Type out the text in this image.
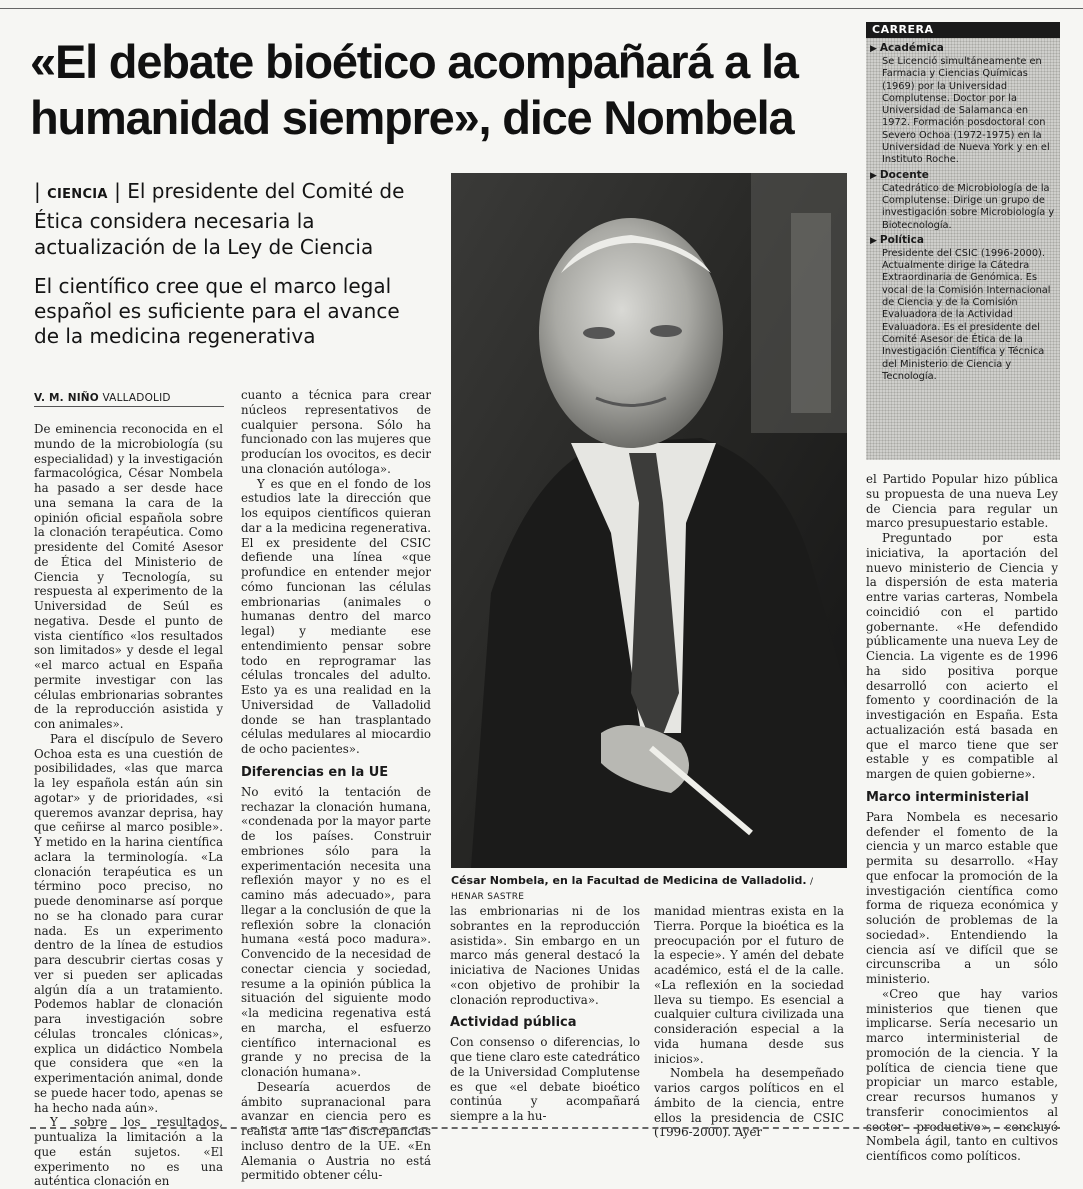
«El debate bioético acompañará a la humanidad siempre», dice Nombela

| CIENCIA | El presidente del Comité de Ética considera necesaria la actualización de la Ley de Ciencia

El científico cree que el marco legal español es suficiente para el avance de la medicina regenerativa

V. M. NIÑO VALLADOLID

De eminencia reconocida en el mundo de la microbiología (su especialidad) y la investigación farmacológica, César Nombela ha pasado a ser desde hace una semana la cara de la opinión oficial española sobre la clonación terapéutica. Como presidente del Comité Asesor de Ética del Ministerio de Ciencia y Tecnología, su respuesta al experimento de la Universidad de Seúl es negativa. Desde el punto de vista científico «los resultados son limitados» y desde el legal «el marco actual en España permite investigar con las células embrionarias sobrantes de la reproducción asistida y con animales».

Para el discípulo de Severo Ochoa esta es una cuestión de posibilidades, «las que marca la ley española están aún sin agotar» y de prioridades, «si queremos avanzar deprisa, hay que ceñirse al marco posible». Y metido en la harina científica aclara la terminología. «La clonación terapéutica es un término poco preciso, no puede denominarse así porque no se ha clonado para curar nada. Es un experimento dentro de la línea de estudios para descubrir ciertas cosas y ver si pueden ser aplicadas algún día a un tratamiento. Podemos hablar de clonación para investigación sobre células troncales clónicas», explica un didáctico Nombela que considera que «en la experimentación animal, donde se puede hacer todo, apenas se ha hecho nada aún».

Y sobre los resultados, puntualiza la limitación a la que están sujetos. «El experimento no es una auténtica clonación en

cuanto a técnica para crear núcleos representativos de cualquier persona. Sólo ha funcionado con las mujeres que producían los ovocitos, es decir una clonación autóloga».

Y es que en el fondo de los estudios late la dirección que los equipos científicos quieran dar a la medicina regenerativa. El ex presidente del CSIC defiende una línea «que profundice en entender mejor cómo funcionan las células embrionarias (animales o humanas dentro del marco legal) y mediante ese entendimiento pensar sobre todo en reprogramar las células troncales del adulto. Esto ya es una realidad en la Universidad de Valladolid donde se han trasplantado células medulares al miocardio de ocho pacientes».

Diferencias en la UE

No evitó la tentación de rechazar la clonación humana, «condenada por la mayor parte de los países. Construir embriones sólo para la experimentación necesita una reflexión mayor y no es el camino más adecuado», para llegar a la conclusión de que la reflexión sobre la clonación humana «está poco madura». Convencido de la necesidad de conectar ciencia y sociedad, resume a la opinión pública la situación del siguiente modo «la medicina regenativa está en marcha, el esfuerzo científico internacional es grande y no precisa de la clonación humana».

Desearía acuerdos de ámbito supranacional para avanzar en ciencia pero es realista ante las discrepancias incluso dentro de la UE. «En Alemania o Austria no está permitido obtener célu-

César Nombela, en la Facultad de Medicina de Valladolid. / HENAR SASTRE

las embrionarias ni de los sobrantes en la reproducción asistida». Sin embargo en un marco más general destacó la iniciativa de Naciones Unidas «con objetivo de prohibir la clonación reproductiva».

Actividad pública

Con consenso o diferencias, lo que tiene claro este catedrático de la Universidad Complutense es que «el debate bioético continúa y acompañará siempre a la hu-

manidad mientras exista en la Tierra. Porque la bioética es la preocupación por el futuro de la especie». Y amén del debate académico, está el de la calle. «La reflexión en la sociedad lleva su tiempo. Es esencial a cualquier cultura civilizada una consideración especial a la vida humana desde sus inicios».

Nombela ha desempeñado varios cargos políticos en el ámbito de la ciencia, entre ellos la presidencia de CSIC (1996-2000). Ayer

CARRERA
▶ Académica
Se Licenció simultáneamente en Farmacia y Ciencias Químicas (1969) por la Universidad Complutense. Doctor por la Universidad de Salamanca en 1972. Formación posdoctoral con Severo Ochoa (1972-1975) en la Universidad de Nueva York y en el Instituto Roche.
▶ Docente
Catedrático de Microbiología de la Complutense. Dirige un grupo de investigación sobre Microbiología y Biotecnología.
▶ Política
Presidente del CSIC (1996-2000). Actualmente dirige la Cátedra Extraordinaria de Genómica. Es vocal de la Comisión Internacional de Ciencia y de la Comisión Evaluadora de la Actividad Evaluadora. Es el presidente del Comité Asesor de Ética de la Investigación Científica y Técnica del Ministerio de Ciencia y Tecnología.

el Partido Popular hizo pública su propuesta de una nueva Ley de Ciencia para regular un marco presupuestario estable.

Preguntado por esta iniciativa, la aportación del nuevo ministerio de Ciencia y la dispersión de esta materia entre varias carteras, Nombela coincidió con el partido gobernante. «He defendido públicamente una nueva Ley de Ciencia. La vigente es de 1996 ha sido positiva porque desarrolló con acierto el fomento y coordinación de la investigación en España. Esta actualización está basada en que el marco tiene que ser estable y es compatible al margen de quien gobierne».

Marco interministerial

Para Nombela es necesario defender el fomento de la ciencia y un marco estable que permita su desarrollo. «Hay que enfocar la promoción de la investigación científica como forma de riqueza económica y solución de problemas de la sociedad». Entendiendo la ciencia así ve difícil que se circunscriba a un sólo ministerio.

«Creo que hay varios ministerios que tienen que implicarse. Sería necesario un marco interministerial de promoción de la ciencia. Y la política de ciencia tiene que propiciar un marco estable, crear recursos humanos y transferir conocimientos al sector productivo», concluyó Nombela ágil, tanto en cultivos científicos como políticos.
